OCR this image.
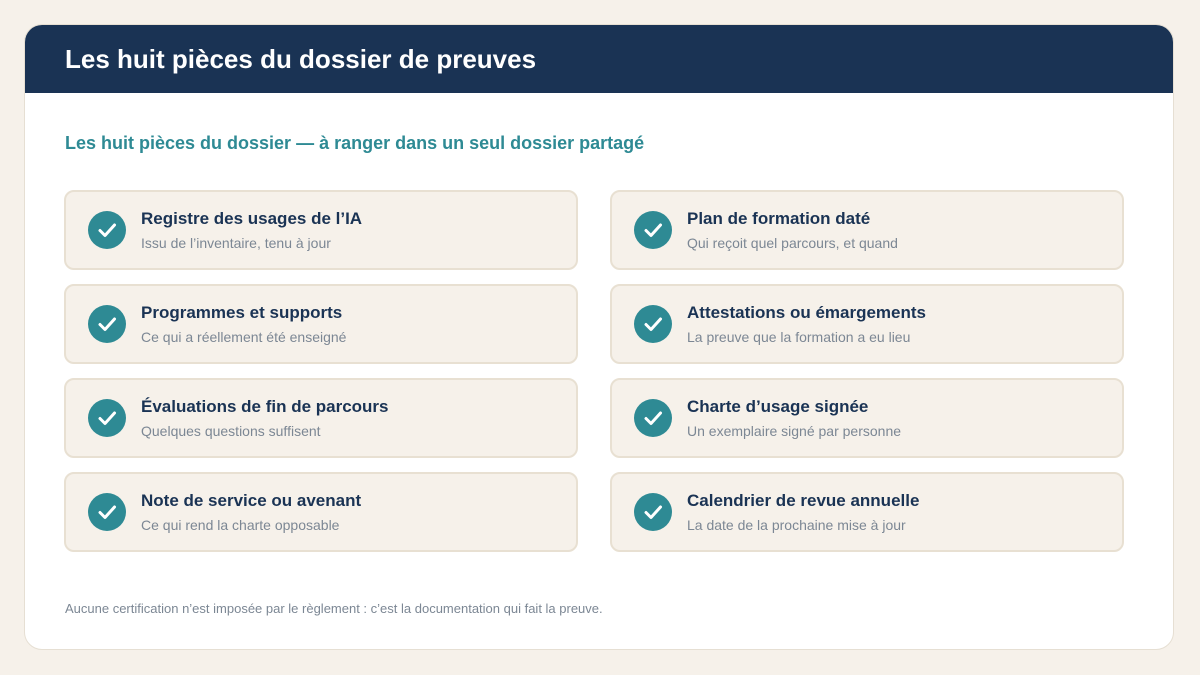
Les huit pièces du dossier de preuves
Les huit pièces du dossier — à ranger dans un seul dossier partagé
Registre des usages de l’IA
Issu de l’inventaire, tenu à jour
Plan de formation daté
Qui reçoit quel parcours, et quand
Programmes et supports
Ce qui a réellement été enseigné
Attestations ou émargements
La preuve que la formation a eu lieu
Évaluations de fin de parcours
Quelques questions suffisent
Charte d’usage signée
Un exemplaire signé par personne
Note de service ou avenant
Ce qui rend la charte opposable
Calendrier de revue annuelle
La date de la prochaine mise à jour

Aucune certification n’est imposée par le règlement : c’est la documentation qui fait la preuve.
